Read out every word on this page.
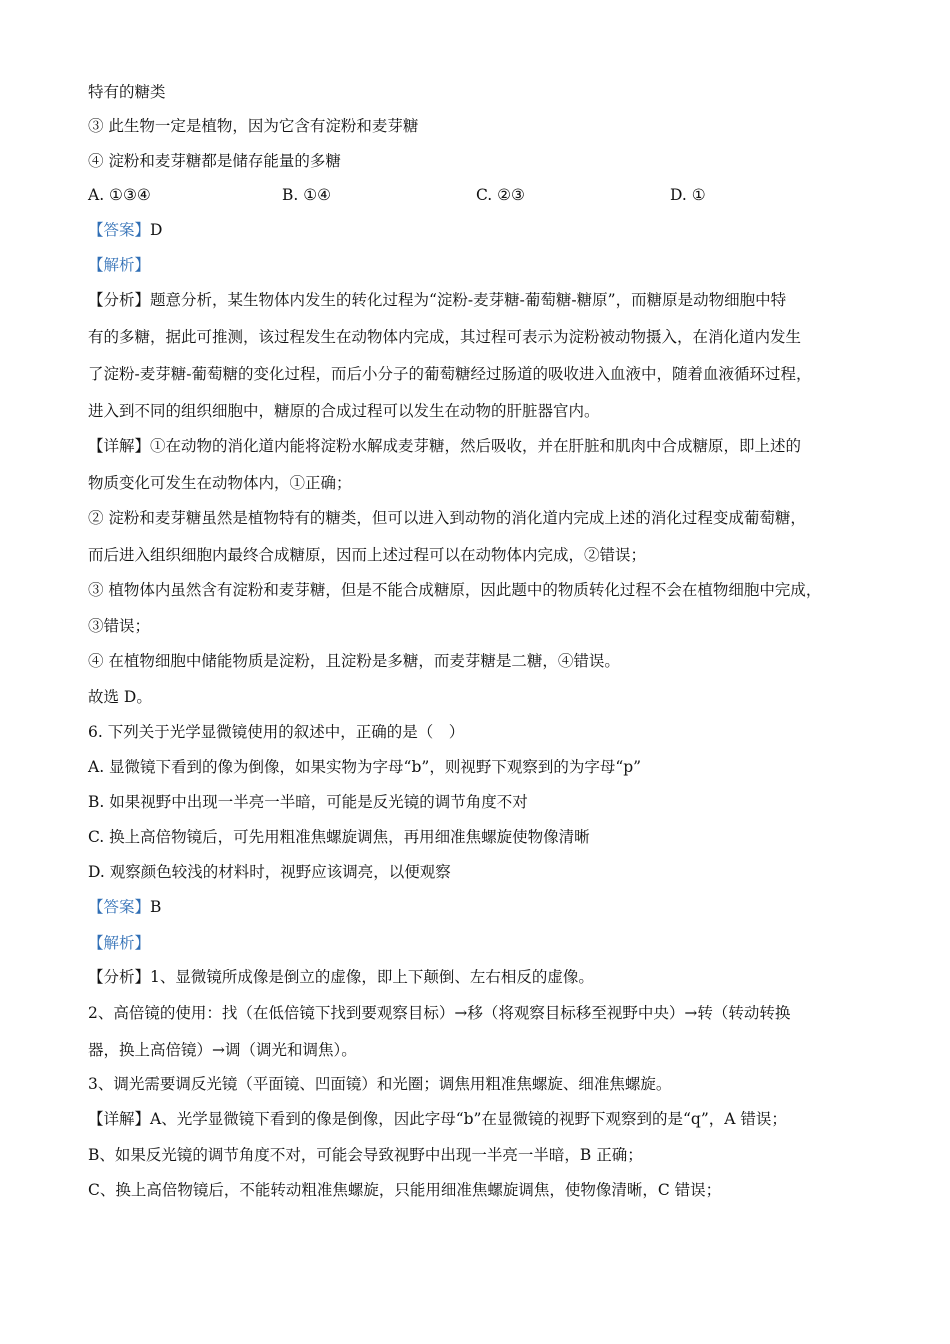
特有的糖类
③ 此生物一定是植物，因为它含有淀粉和麦芽糖
④ 淀粉和麦芽糖都是储存能量的多糖
A. ①③④	B. ①④	C. ②③	D. ①
【答案】D
【解析】
【分析】题意分析，某生物体内发生的转化过程为“淀粉-麦芽糖-葡萄糖-糖原”，而糖原是动物细胞中特
有的多糖，据此可推测，该过程发生在动物体内完成，其过程可表示为淀粉被动物摄入，在消化道内发生
了淀粉-麦芽糖-葡萄糖的变化过程，而后小分子的葡萄糖经过肠道的吸收进入血液中，随着血液循环过程，
进入到不同的组织细胞中，糖原的合成过程可以发生在动物的肝脏器官内。
【详解】①在动物的消化道内能将淀粉水解成麦芽糖，然后吸收，并在肝脏和肌肉中合成糖原，即上述的
物质变化可发生在动物体内，①正确；
② 淀粉和麦芽糖虽然是植物特有的糖类，但可以进入到动物的消化道内完成上述的消化过程变成葡萄糖，
而后进入组织细胞内最终合成糖原，因而上述过程可以在动物体内完成，②错误；
③ 植物体内虽然含有淀粉和麦芽糖，但是不能合成糖原，因此题中的物质转化过程不会在植物细胞中完成，
③错误；
④ 在植物细胞中储能物质是淀粉，且淀粉是多糖，而麦芽糖是二糖，④错误。
故选 D。
6. 下列关于光学显微镜使用的叙述中，正确的是（　）
A. 显微镜下看到的像为倒像，如果实物为字母“b”，则视野下观察到的为字母“p”
B. 如果视野中出现一半亮一半暗，可能是反光镜的调节角度不对
C. 换上高倍物镜后，可先用粗准焦螺旋调焦，再用细准焦螺旋使物像清晰
D. 观察颜色较浅的材料时，视野应该调亮，以便观察
【答案】B
【解析】
【分析】1、显微镜所成像是倒立的虚像，即上下颠倒、左右相反的虚像。
2、高倍镜的使用：找（在低倍镜下找到要观察目标）→移（将观察目标移至视野中央）→转（转动转换
器，换上高倍镜）→调（调光和调焦）。
3、调光需要调反光镜（平面镜、凹面镜）和光圈；调焦用粗准焦螺旋、细准焦螺旋。
【详解】A、光学显微镜下看到的像是倒像，因此字母“b”在显微镜的视野下观察到的是“q”，A 错误；
B、如果反光镜的调节角度不对，可能会导致视野中出现一半亮一半暗，B 正确；
C、换上高倍物镜后，不能转动粗准焦螺旋，只能用细准焦螺旋调焦，使物像清晰，C 错误；
